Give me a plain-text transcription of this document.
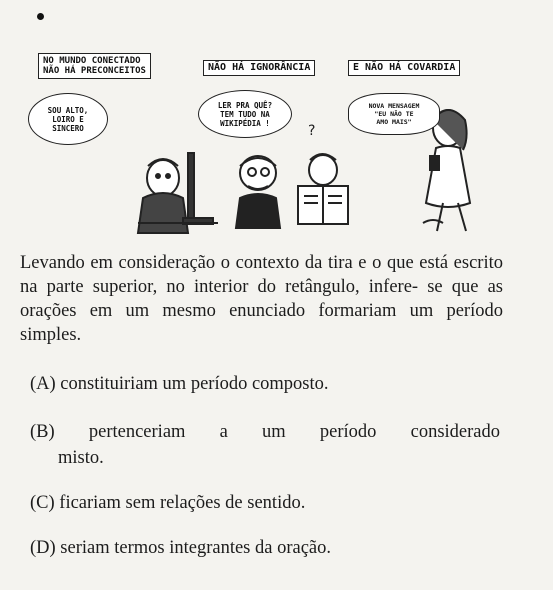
NO MUNDO CONECTADO
NÃO HÁ PRECONCEITOS	NÃO HÁ IGNORÂNCIA	E NÃO HÁ COVARDIA
SOU ALTO,
LOIRO E
SINCERO
LER PRA QUÊ?
TEM TUDO NA
WIKIPÉDIA !	?
NOVA MENSAGEM
"EU NÃO TE
AMO MAIS"
Levando em consideração o contexto da tira e o que está escrito na parte superior, no interior do retângulo, infere- se que as orações em um mesmo enunciado formariam um período simples.
(A) constituiriam um período composto.
(B) pertenceriam a um período considerado
misto.
(C) ficariam sem relações de sentido.
(D) seriam termos integrantes da oração.
